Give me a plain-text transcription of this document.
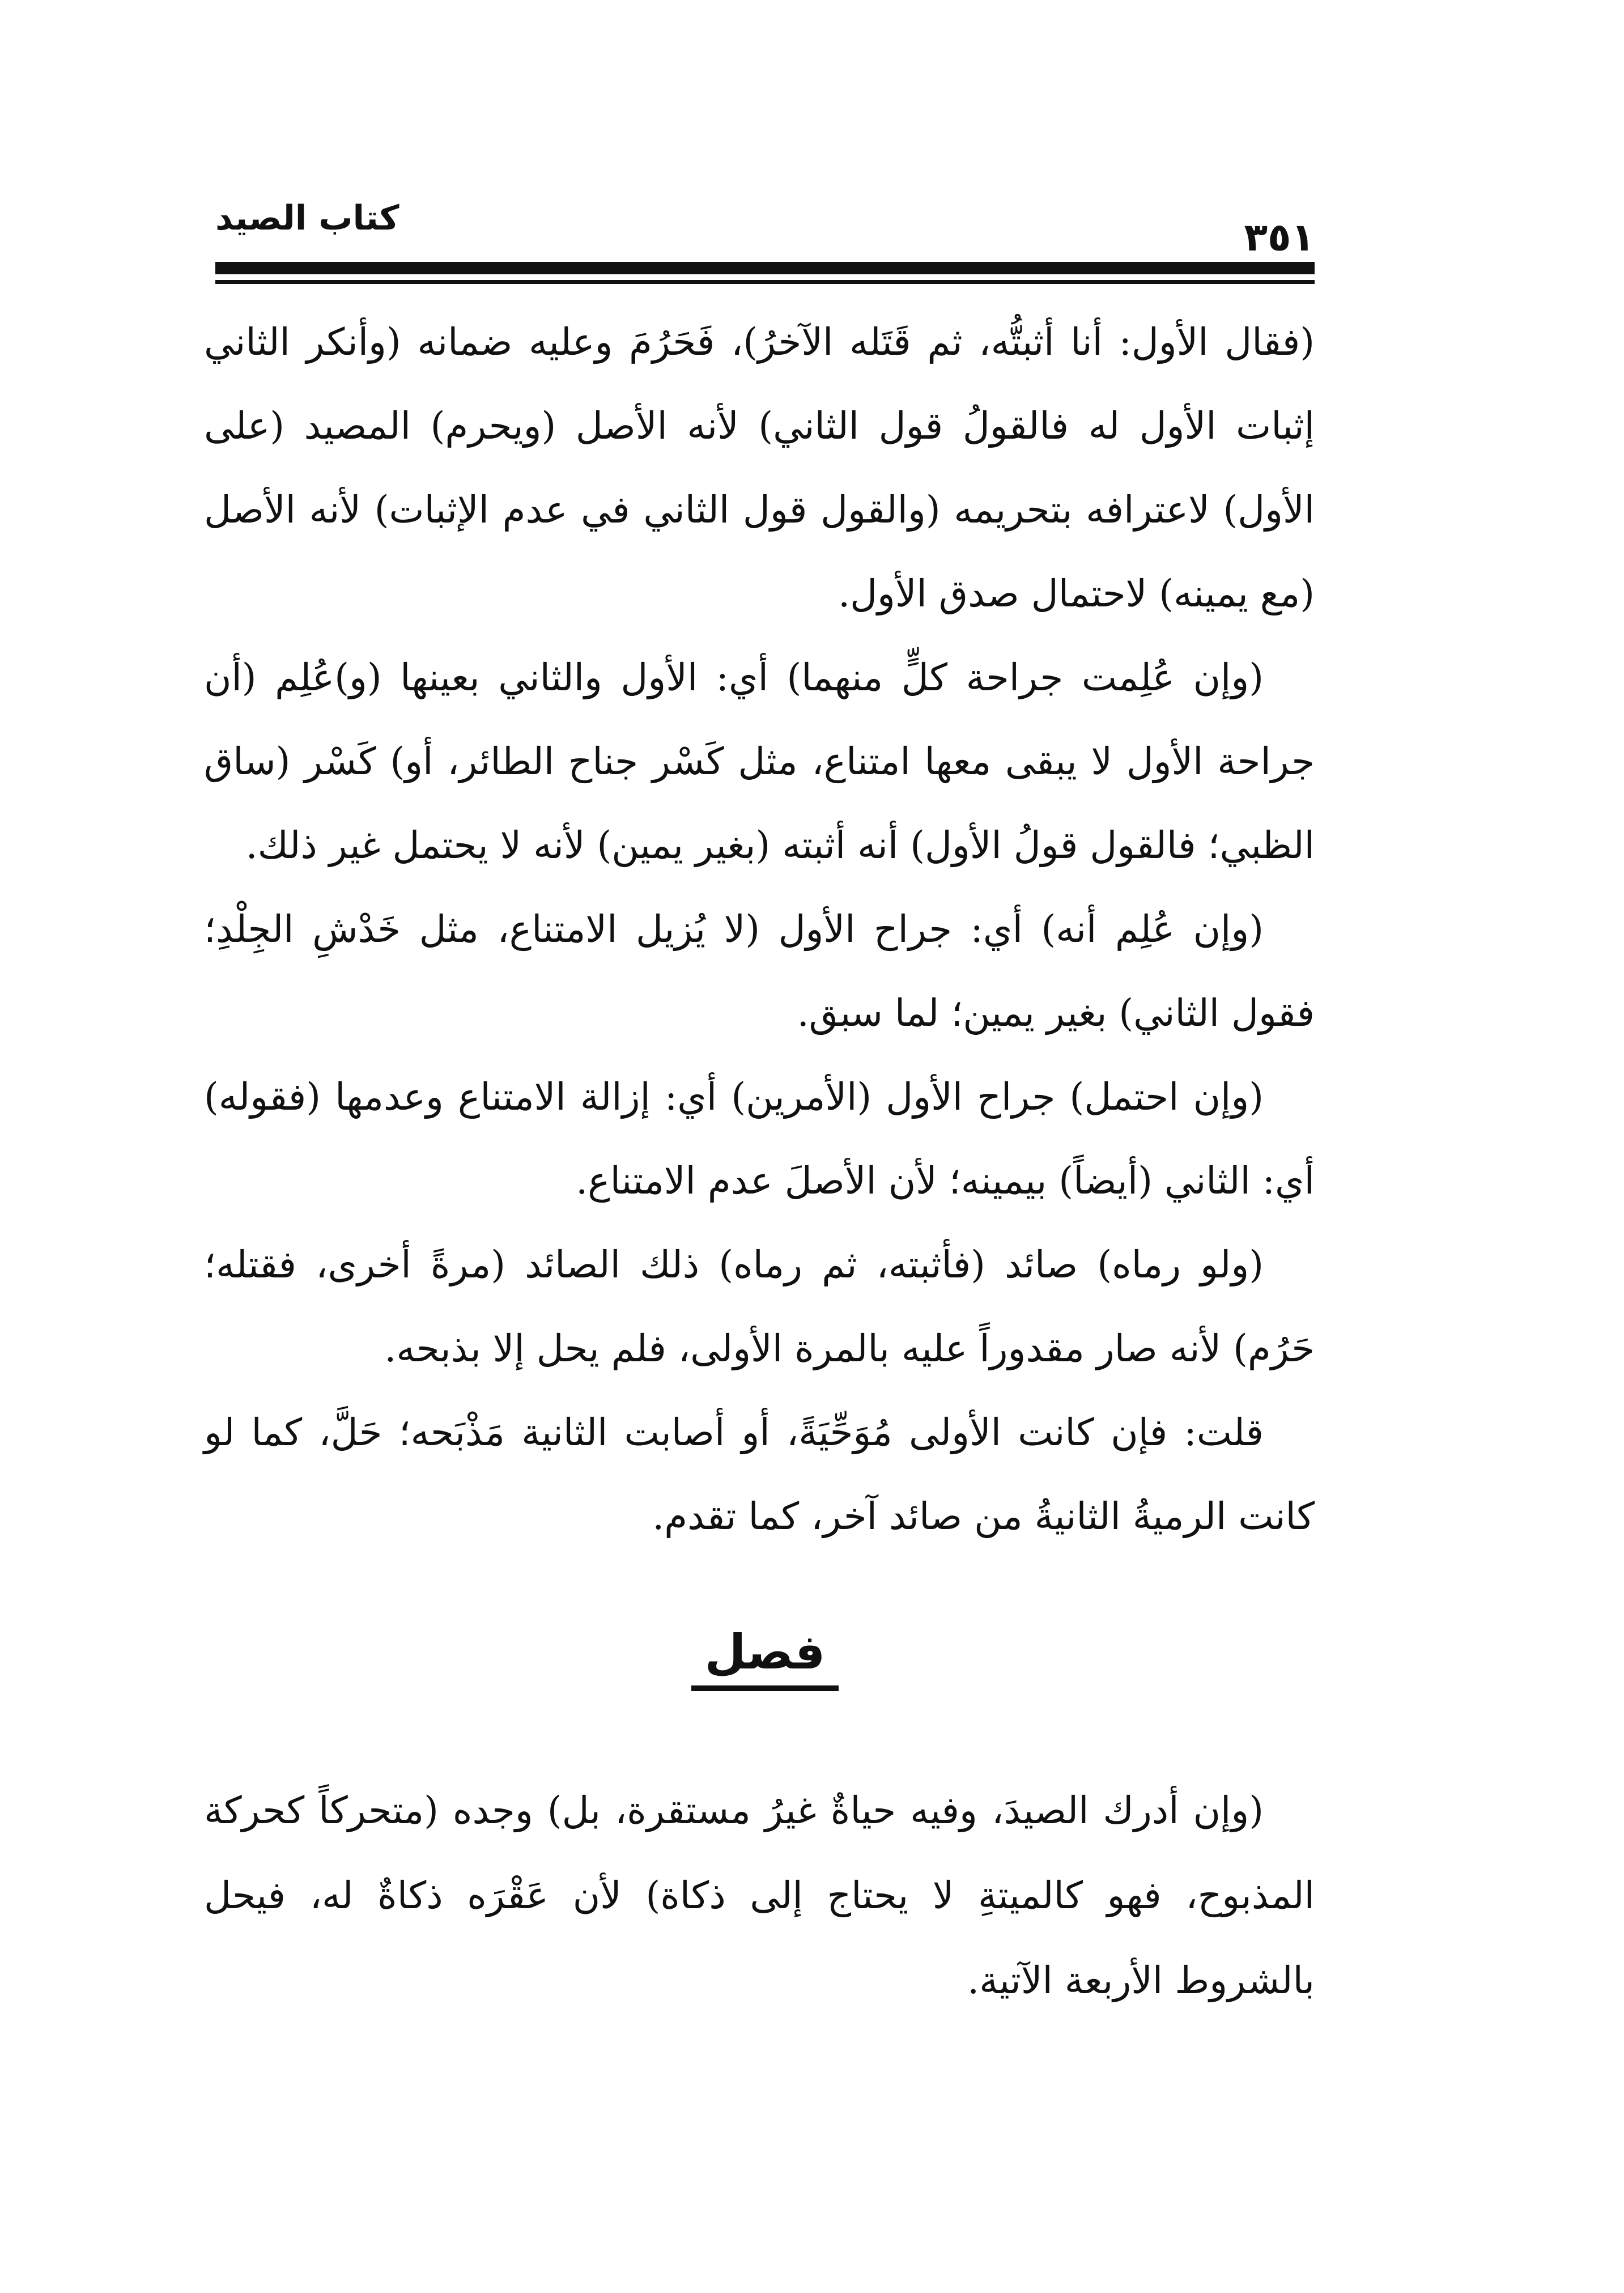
كتاب الصيد	٣٥١

(فقال الأول: أنا أثبتُّه، ثم قَتَله الآخرُ)، فَحَرُمَ وعليه ضمانه (وأنكر الثاني إثبات الأول له فالقولُ قول الثاني) لأنه الأصل (ويحرم) المصيد (على الأول) لاعترافه بتحريمه (والقول قول الثاني في عدم الإثبات) لأنه الأصل (مع يمينه) لاحتمال صدق الأول.

(وإن عُلِمت جراحة كلٍّ منهما) أي: الأول والثاني بعينها (و)عُلِم (أن جراحة الأول لا يبقى معها امتناع، مثل كَسْر جناح الطائر، أو) كَسْر (ساق الظبي؛ فالقول قولُ الأول) أنه أثبته (بغير يمين) لأنه لا يحتمل غير ذلك.

(وإن عُلِم أنه) أي: جراح الأول (لا يُزيل الامتناع، مثل خَدْشِ الجِلْدِ؛ فقول الثاني) بغير يمين؛ لما سبق.

(وإن احتمل) جراح الأول (الأمرين) أي: إزالة الامتناع وعدمها (فقوله) أي: الثاني (أيضاً) بيمينه؛ لأن الأصلَ عدم الامتناع.

(ولو رماه) صائد (فأثبته، ثم رماه) ذلك الصائد (مرةً أخرى، فقتله؛ حَرُم) لأنه صار مقدوراً عليه بالمرة الأولى، فلم يحل إلا بذبحه.

قلت: فإن كانت الأولى مُوَحِّيَةً، أو أصابت الثانية مَذْبَحه؛ حَلَّ، كما لو كانت الرميةُ الثانيةُ من صائد آخر، كما تقدم.

فصل

(وإن أدرك الصيدَ، وفيه حياةٌ غيرُ مستقرة، بل) وجده (متحركاً كحركة المذبوح، فهو كالميتةِ لا يحتاج إلى ذكاة) لأن عَقْرَه ذكاةٌ له، فيحل بالشروط الأربعة الآتية.
